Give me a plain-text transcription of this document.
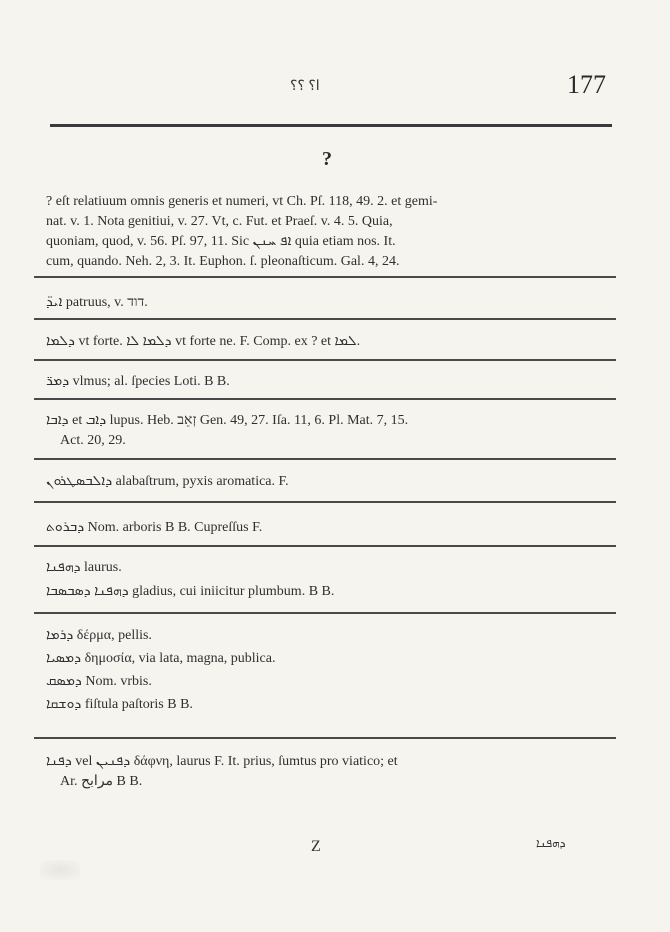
ا؟ ؟؟	177
?
? eſt relatiuum omnis generis et numeri, vt Ch. Pſ. 118, 49. 2. et gemi-
nat. v. 1. Nota genitiui, v. 27. Vt, c. Fut. et Praeſ. v. 4. 5. Quia,
quoniam, quod, v. 56. Pſ. 97, 11. Sic ܐܦ ܚܢܢ quia etiam nos. It.
cum, quando. Neh. 2, 3. It. Euphon. ſ. pleonaſticum. Gal. 4, 24.
ܐܝܕ̈ patruus, v. דוד.
ܕܠܡܐ vt forte. ܕܠܡܐ ܠܐ vt forte ne. F. Comp. ex ? et ܠܡܐ.
ܕܡܪ̈ vlmus; al. ſpecies Loti. B B.
ܕܐܒܐ et ܕܐܒ lupus. Heb. זְאֵב Gen. 49, 27. Iſa. 11, 6. Pl. Mat. 7, 15.
Act. 20, 29.
ܕܐܠܒܣܛܪܘܢ alabaſtrum, pyxis aromatica. F.
ܕܒܪܘܬ Nom. arboris B B. Cupreſſus F.
ܕܗܦܢܐ laurus.
ܕܗܦܢܐ ܕܣܒܣܒܐ gladius, cui iniicitur plumbum. B B.
ܕܪܡܐ δέρμα, pellis.
ܕܡܣܝܐ δημοσία, via lata, magna, publica.
ܕܡܣܩ Nom. vrbis.
ܕܘܫܩܐ fiſtula paſtoris B B.
ܕܦܢܐ vel ܕܦܢܝܢ δάφνη, laurus F. It. prius, ſumtus pro viatico; et
Ar. مرابح B B.
Z	ܕܗܦܢܐ
